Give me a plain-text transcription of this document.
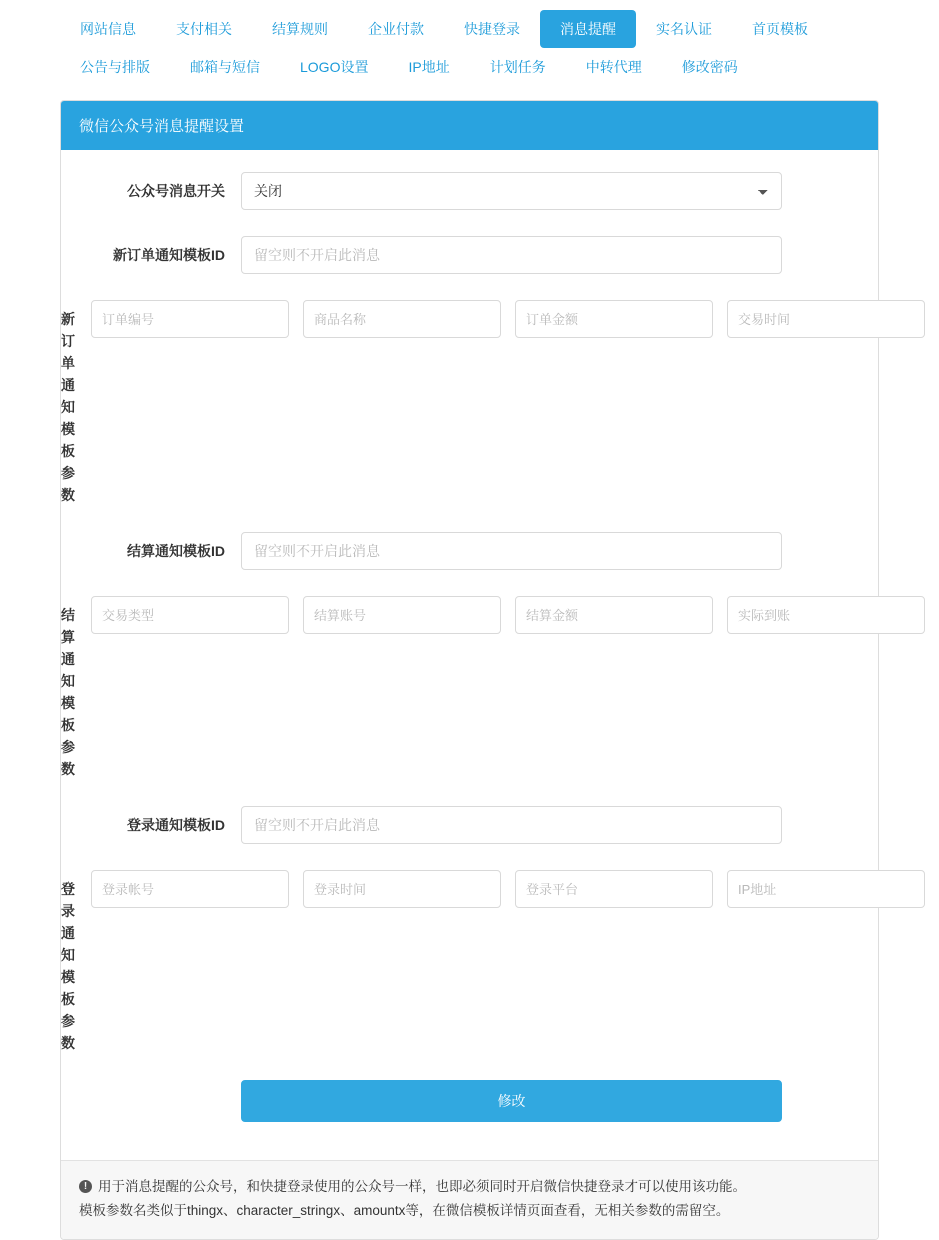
网站信息	支付相关	结算规则	企业付款	快捷登录	消息提醒	实名认证	首页模板
公告与排版	邮箱与短信	LOGO设置	IP地址	计划任务	中转代理	修改密码
微信公众号消息提醒设置
公众号消息开关
关闭
新订单通知模板ID
留空则不开启此消息
新订单通知模板参数
订单编号
商品名称
订单金额
交易时间
结算通知模板ID
留空则不开启此消息
结算通知模板参数
交易类型
结算账号
结算金额
实际到账
登录通知模板ID
留空则不开启此消息
登录通知模板参数
登录帐号
登录时间
登录平台
IP地址
修改
! 用于消息提醒的公众号，和快捷登录使用的公众号一样，也即必须同时开启微信快捷登录才可以使用该功能。
模板参数名类似于thingx、character_stringx、amountx等，在微信模板详情页面查看，无相关参数的需留空。
